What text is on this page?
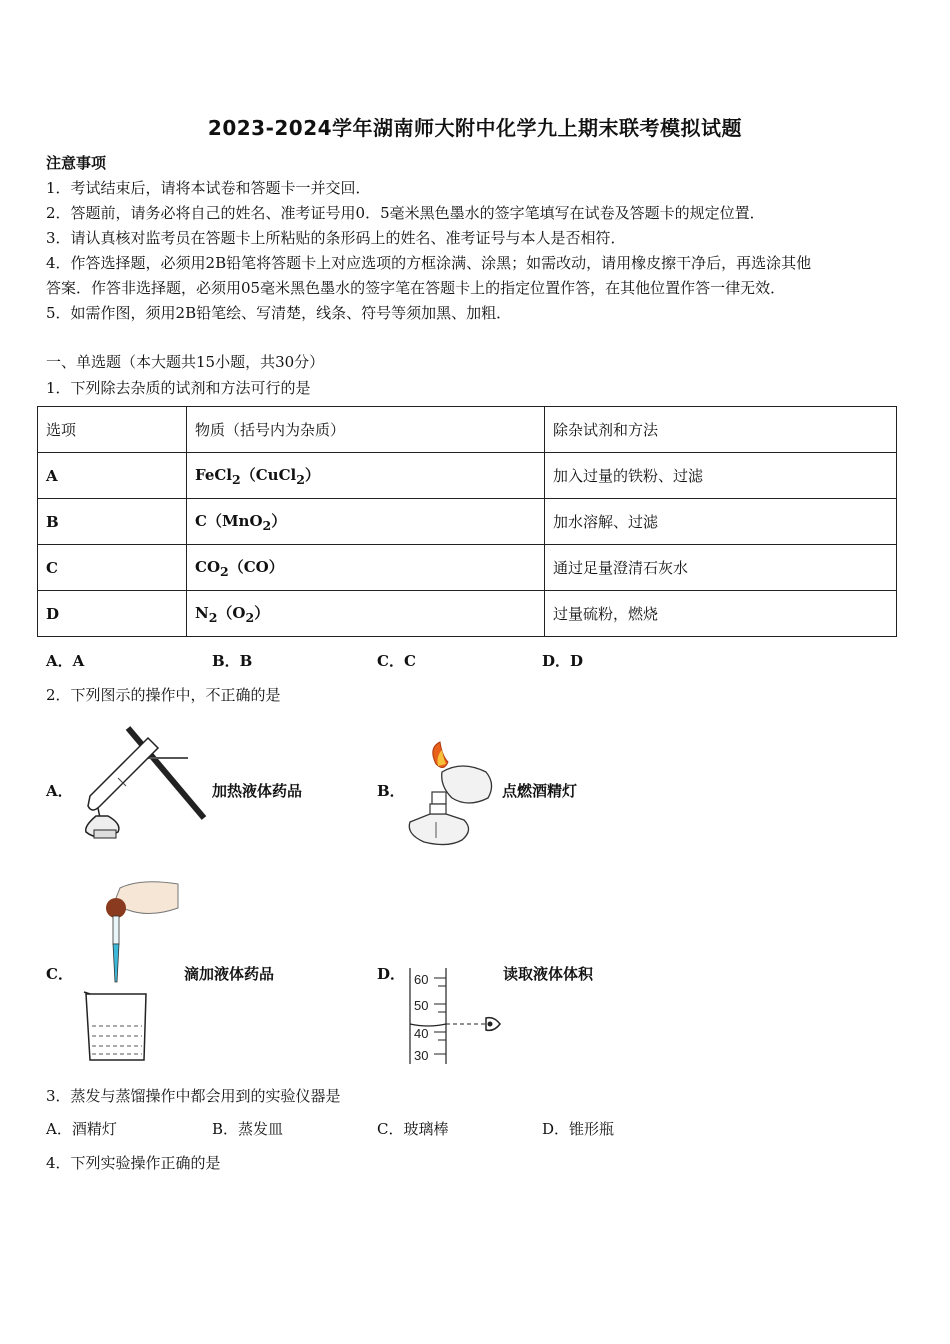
2023-2024学年湖南师大附中化学九上期末联考模拟试题
注意事项
1．考试结束后，请将本试卷和答题卡一并交回．
2．答题前，请务必将自己的姓名、准考证号用0．5毫米黑色墨水的签字笔填写在试卷及答题卡的规定位置．
3．请认真核对监考员在答题卡上所粘贴的条形码上的姓名、准考证号与本人是否相符．
4．作答选择题，必须用2B铅笔将答题卡上对应选项的方框涂满、涂黑；如需改动，请用橡皮擦干净后，再选涂其他
答案．作答非选择题，必须用05毫米黑色墨水的签字笔在答题卡上的指定位置作答，在其他位置作答一律无效．
5．如需作图，须用2B铅笔绘、写清楚，线条、符号等须加黑、加粗．
一、单选题（本大题共15小题，共30分）
1．下列除去杂质的试剂和方法可行的是
选项	物质（括号内为杂质）	除杂试剂和方法
A	FeCl$_2$（CuCl$_2$）	加入过量的铁粉、过滤
B	C（MnO$_2$）	加水溶解、过滤
C	$CO_2(CO)$	通过足量澄清石灰水
D	$N_2(O_2)$	过量硫粉，燃烧
A．A	B．B	C．C	D．D
2．下列图示的操作中，不正确的是
A．	加热液体药品	B．	点燃酒精灯
C．	滴加液体药品	D． 60
50
40
30
读取液体体积
3．蒸发与蒸馏操作中都会用到的实验仪器是
A．酒精灯	B．蒸发皿	C．玻璃棒	D．锥形瓶
4．下列实验操作正确的是
